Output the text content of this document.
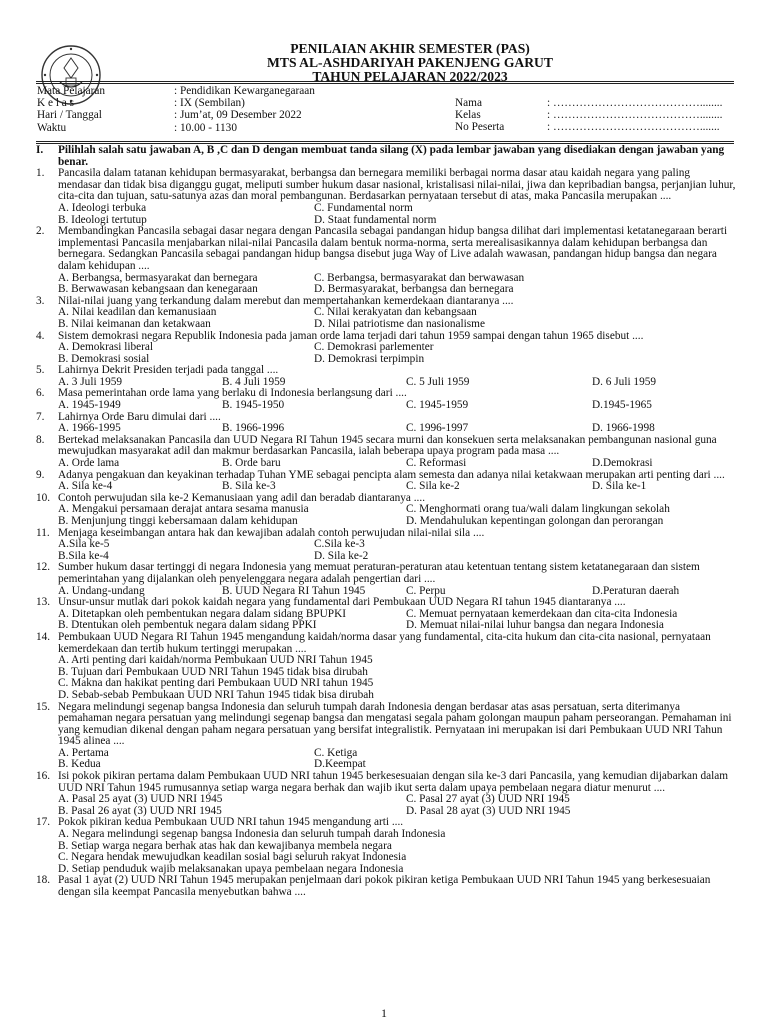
PENILAIAN AKHIR SEMESTER (PAS)
MTS AL-ASHDARIYAH PAKENJENG GARUT
TAHUN PELAJARAN 2022/2023
Mata Pelajaran	: Pendidikan Kewarganegaraan
K e l a s	: IX (Sembilan)
Hari / Tanggal	: Jum’at, 09 Desember 2022
Waktu	: 10.00 - 1130
Nama	: …………………………………........
Kelas	: …………………………………........
No Peserta	: ………………………………….......
I. Pilihlah salah satu jawaban A, B ,C dan D dengan membuat tanda silang (X) pada lembar jawaban yang disediakan dengan jawaban yang benar.
1. Pancasila dalam tatanan kehidupan bermasyarakat, berbangsa dan bernegara memiliki berbagai norma dasar atau kaidah negara yang paling mendasar dan tidak bisa diganggu gugat, meliputi sumber hukum dasar nasional, kristalisasi nilai-nilai, jiwa dan kepribadian bangsa, perjanjian luhur, cita-cita dan tujuan, satu-satunya azas dan moral pembangunan. Berdasarkan pernyataan tersebut di atas, maka Pancasila merupakan ....
A. Ideologi terbuka	C. Fundamental norm
B. Ideologi tertutup	D. Staat fundamental norm
2. Membandingkan Pancasila sebagai dasar negara dengan Pancasila sebagai pandangan hidup bangsa dilihat dari implementasi ketatanegaraan berarti implementasi Pancasila menjabarkan nilai-nilai Pancasila dalam bentuk norma-norma, serta merealisasikannya dalam kehidupan berbangsa dan bernegara. Sedangkan Pancasila sebagai pandangan hidup bangsa disebut juga Way of Live adalah wawasan, pandangan hidup bangsa dan negara dalam kehidupan ....
A. Berbangsa, bermasyarakat dan bernegara	C. Berbangsa, bermasyarakat dan berwawasan
B. Berwawasan kebangsaan dan kenegaraan	D. Bermasyarakat, berbangsa dan bernegara
3. Nilai-nilai juang yang terkandung dalam merebut dan mempertahankan kemerdekaan diantaranya ....
A. Nilai keadilan dan kemanusiaan	C. Nilai kerakyatan dan kebangsaan
B. Nilai keimanan dan ketakwaan	D. Nilai patriotisme dan nasionalisme
4. Sistem demokrasi negara Republik Indonesia pada jaman orde lama terjadi dari tahun 1959 sampai dengan tahun 1965 disebut ....
A. Demokrasi liberal	C. Demokrasi parlementer
B. Demokrasi sosial	D. Demokrasi terpimpin
5. Lahirnya Dekrit Presiden terjadi pada tanggal ....
A. 3 Juli 1959	B. 4 Juli 1959	C. 5 Juli 1959	D. 6 Juli 1959
6. Masa pemerintahan orde lama yang berlaku di Indonesia berlangsung dari ....
A. 1945-1949	B. 1945-1950	C. 1945-1959	D.1945-1965
7. Lahirnya Orde Baru dimulai dari ....
A. 1966-1995	B. 1966-1996	C. 1996-1997	D. 1966-1998
8. Bertekad melaksanakan Pancasila dan UUD Negara RI Tahun 1945 secara murni dan konsekuen serta melaksanakan pembangunan nasional guna mewujudkan masyarakat adil dan makmur berdasarkan Pancasila, ialah beberapa upaya program pada masa ....
A. Orde lama	B. Orde baru	C. Reformasi	D.Demokrasi
9. Adanya pengakuan dan keyakinan terhadap Tuhan YME sebagai pencipta alam semesta dan adanya nilai ketakwaan merupakan arti penting dari ....
A. Sila ke-4	B. Sila ke-3	C. Sila ke-2	D. Sila ke-1
10. Contoh perwujudan sila ke-2 Kemanusiaan yang adil dan beradab diantaranya ....
A. Mengakui persamaan derajat antara sesama manusia	C. Menghormati orang tua/wali dalam lingkungan sekolah
B. Menjunjung tinggi kebersamaan dalam kehidupan	D. Mendahulukan kepentingan golongan dan perorangan
11. Menjaga keseimbangan antara hak dan kewajiban adalah contoh perwujudan nilai-nilai sila ....
A.Sila ke-5	C.Sila ke-3
B.Sila ke-4	D. Sila ke-2
12. Sumber hukum dasar tertinggi di negara Indonesia yang memuat peraturan-peraturan atau ketentuan tentang sistem ketatanegaraan dan sistem pemerintahan yang dijalankan oleh penyelenggara negara adalah pengertian dari ....
A. Undang-undang	B. UUD Negara RI Tahun 1945	C. Perpu	D.Peraturan daerah
13. Unsur-unsur mutlak dari pokok kaidah negara yang fundamental dari Pembukaan UUD Negara RI tahun 1945 diantaranya ....
A. Ditetapkan oleh pembentukan negara dalam sidang BPUPKI	C. Memuat pernyataan kemerdekaan dan cita-cita Indonesia
B. Dtentukan oleh pembentuk negara dalam sidang PPKI	D. Memuat nilai-nilai luhur bangsa dan negara Indonesia
14. Pembukaan UUD Negara RI Tahun 1945 mengandung kaidah/norma dasar yang fundamental, cita-cita hukum dan cita-cita nasional, pernyataan kemerdekaan dan tertib hukum tertinggi merupakan ....
A. Arti penting dari kaidah/norma Pembukaan UUD NRI Tahun 1945
B. Tujuan dari Pembukaan UUD NRI Tahun 1945 tidak bisa dirubah
C. Makna dan hakikat penting dari Pembukaan UUD NRI tahun 1945
D. Sebab-sebab Pembukaan UUD NRI Tahun 1945 tidak bisa dirubah
15. Negara melindungi segenap bangsa Indonesia dan seluruh tumpah darah Indonesia dengan berdasar atas asas persatuan, serta diterimanya pemahaman negara persatuan yang melindungi segenap bangsa dan mengatasi segala paham golongan maupun paham perseorangan. Pemahaman ini yang kemudian dikenal dengan paham negara persatuan yang bersifat integralistik. Pernyataan ini merupakan isi dari Pembukaan UUD NRI Tahun 1945 alinea ....
A. Pertama	C. Ketiga
B. Kedua	D.Keempat
16. Isi pokok pikiran pertama dalam Pembukaan UUD NRI tahun 1945 berkesesuaian dengan sila ke-3 dari Pancasila, yang kemudian dijabarkan dalam UUD NRI Tahun 1945 rumusannya setiap warga negara berhak dan wajib ikut serta dalam upaya pembelaan negara diatur menurut ....
A. Pasal 25 ayat (3) UUD NRI 1945	C. Pasal 27 ayat (3) UUD NRI 1945
B. Pasal 26 ayat (3) UUD NRI 1945	D. Pasal 28 ayat (3) UUD NRI 1945
17. Pokok pikiran kedua Pembukaan UUD NRI tahun 1945 mengandung arti ....
A. Negara melindungi segenap bangsa Indonesia dan seluruh tumpah darah Indonesia
B. Setiap warga negara berhak atas hak dan kewajibanya membela negara
C. Negara hendak mewujudkan keadilan sosial bagi seluruh rakyat Indonesia
D. Setiap penduduk wajib melaksanakan upaya pembelaan negara Indonesia
18. Pasal 1 ayat (2) UUD NRI Tahun 1945 merupakan penjelmaan dari pokok pikiran ketiga Pembukaan UUD NRI Tahun 1945 yang berkesesuaian dengan sila keempat Pancasila menyebutkan bahwa ....
1
